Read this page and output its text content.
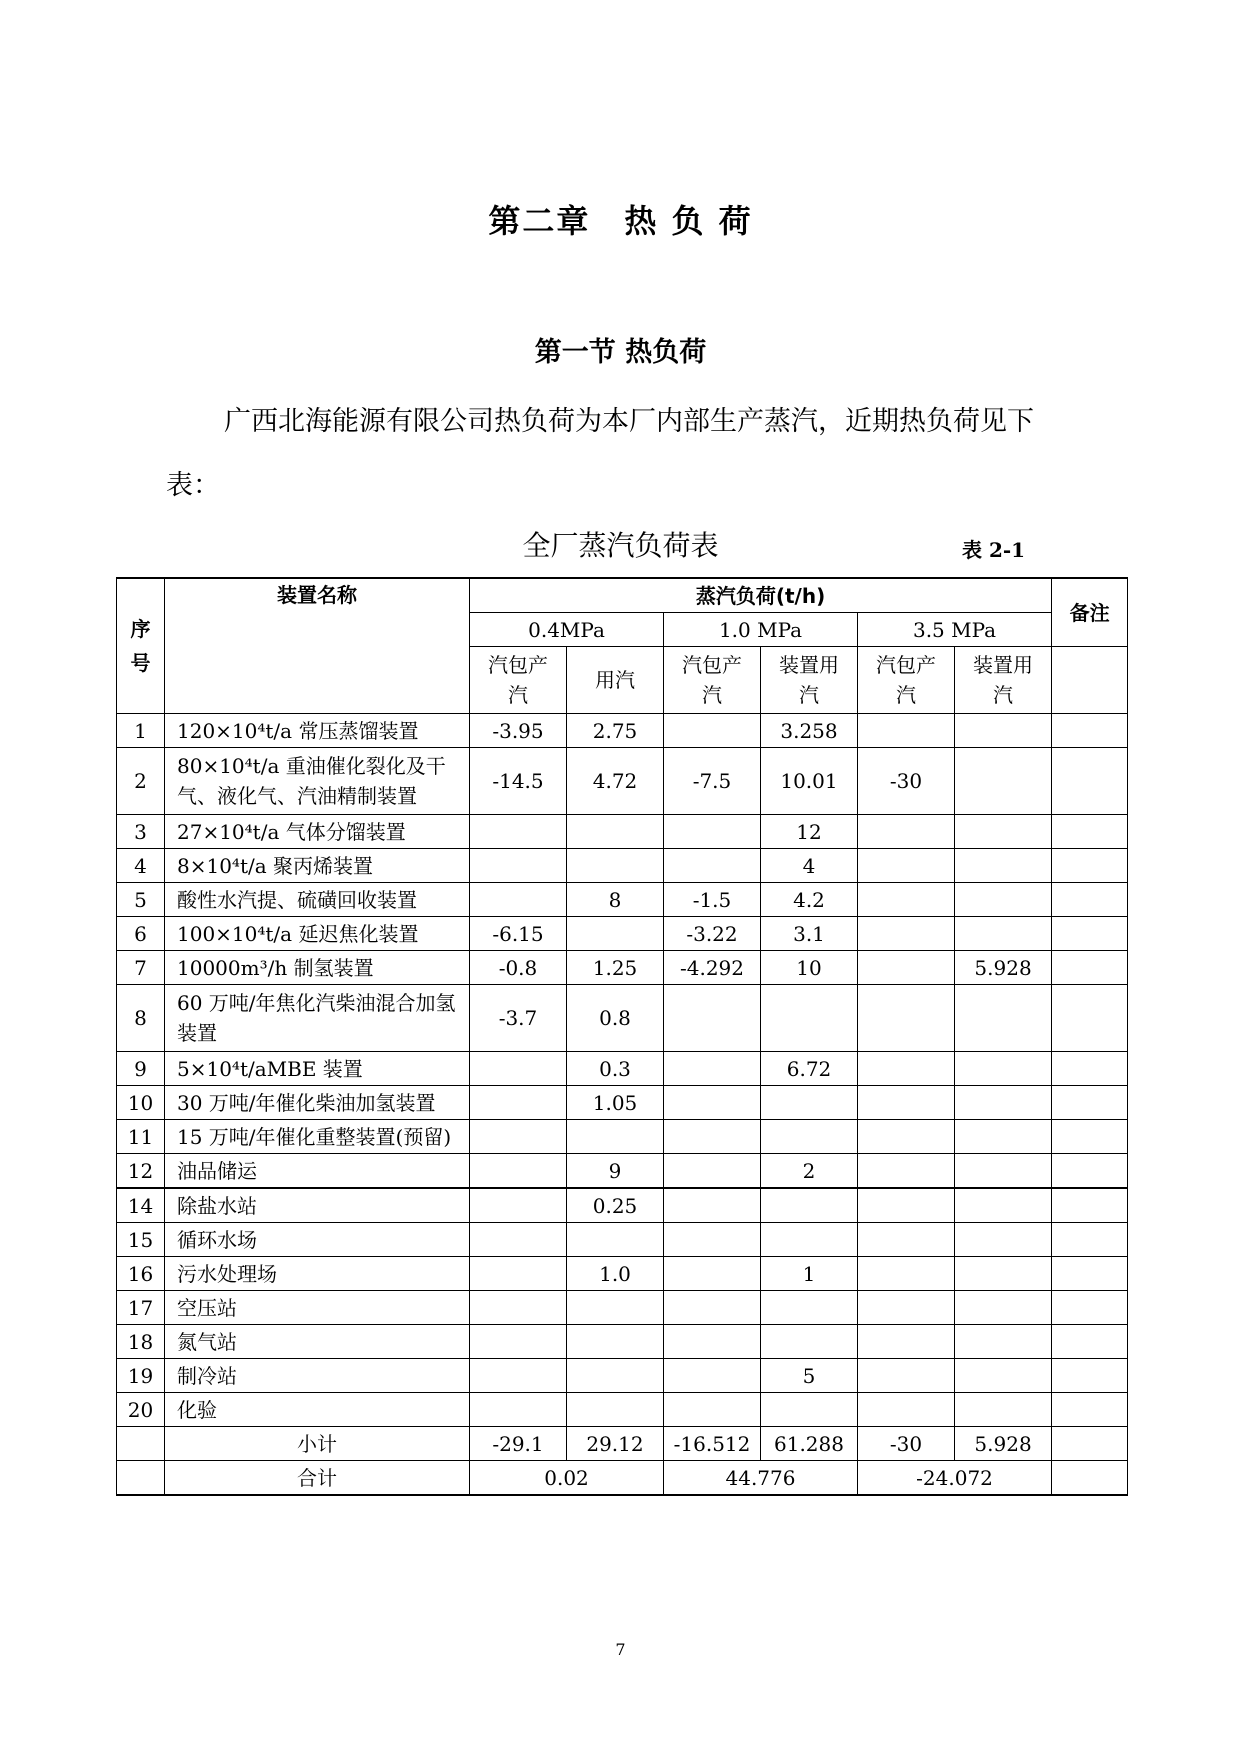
第二章　热 负 荷
第一节 热负荷

广西北海能源有限公司热负荷为本厂内部生产蒸汽，近期热负荷见下表：

全厂蒸汽负荷表	表 2-1
序号	装置名称	蒸汽负荷(t/h)						备注
		0.4MPa		1.0 MPa		3.5 MPa		
		汽包产汽	用汽	汽包产汽	装置用汽	汽包产汽	装置用汽	
1	120×10⁴t/a 常压蒸馏装置	-3.95	2.75		3.258			
2	80×10⁴t/a 重油催化裂化及干气、液化气、汽油精制装置	-14.5	4.72	-7.5	10.01	-30		
3	27×10⁴t/a 气体分馏装置				12			
4	8×10⁴t/a 聚丙烯装置				4			
5	酸性水汽提、硫磺回收装置		8	-1.5	4.2			
6	100×10⁴t/a 延迟焦化装置	-6.15		-3.22	3.1			
7	10000m³/h 制氢装置	-0.8	1.25	-4.292	10		5.928	
8	60 万吨/年焦化汽柴油混合加氢装置	-3.7	0.8					
9	5×10⁴t/aMBE 装置		0.3		6.72			
10	30 万吨/年催化柴油加氢装置		1.05					
11	15 万吨/年催化重整装置(预留)							
12	油品储运		9		2			
14	除盐水站		0.25					
15	循环水场							
16	污水处理场		1.0		1			
17	空压站							
18	氮气站							
19	制冷站				5			
20	化验							
	小计	-29.1	29.12	-16.512	61.288	-30	5.928	
	合计	0.02		44.776		-24.072		
7
